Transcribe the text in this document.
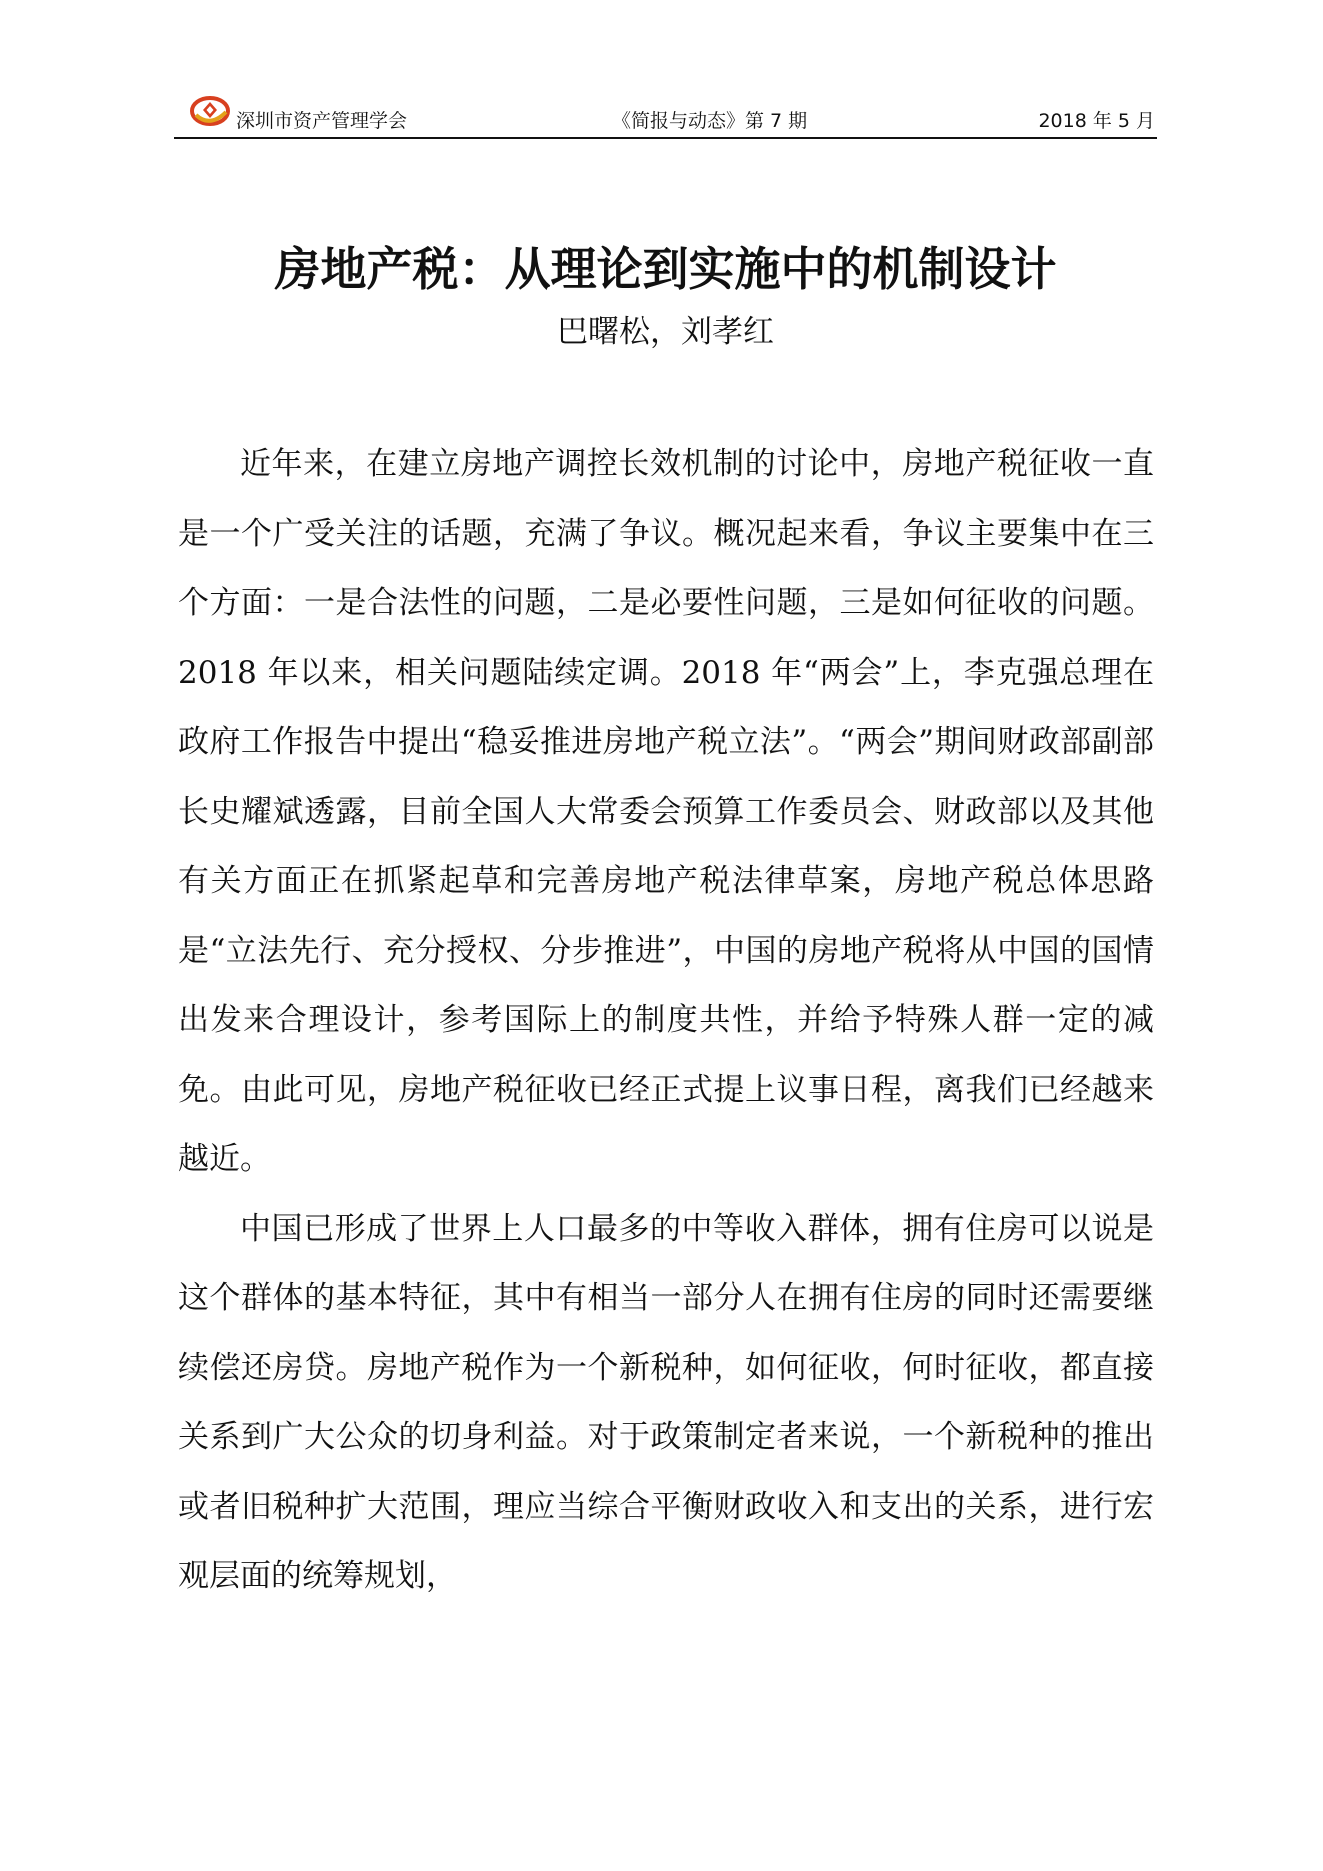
深圳市资产管理学会	《简报与动态》第 7 期	2018 年 5 月
房地产税：从理论到实施中的机制设计
巴曙松，刘孝红

近年来，在建立房地产调控长效机制的讨论中，房地产税征收一直是一个广受关注的话题，充满了争议。概况起来看，争议主要集中在三个方面：一是合法性的问题，二是必要性问题，三是如何征收的问题。 2018 年以来，相关问题陆续定调。2018 年“两会”上，李克强总理在政府工作报告中提出“稳妥推进房地产税立法”。“两会”期间财政部副部长史耀斌透露，目前全国人大常委会预算工作委员会、财政部以及其他有关方面正在抓紧起草和完善房地产税法律草案，房地产税总体思路是“立法先行、充分授权、分步推进”，中国的房地产税将从中国的国情出发来合理设计，参考国际上的制度共性，并给予特殊人群一定的减免。由此可见，房地产税征收已经正式提上议事日程，离我们已经越来越近。

中国已形成了世界上人口最多的中等收入群体，拥有住房可以说是这个群体的基本特征，其中有相当一部分人在拥有住房的同时还需要继续偿还房贷。房地产税作为一个新税种，如何征收，何时征收，都直接关系到广大公众的切身利益。对于政策制定者来说，一个新税种的推出或者旧税种扩大范围，理应当综合平衡财政收入和支出的关系，进行宏观层面的统筹规划，
